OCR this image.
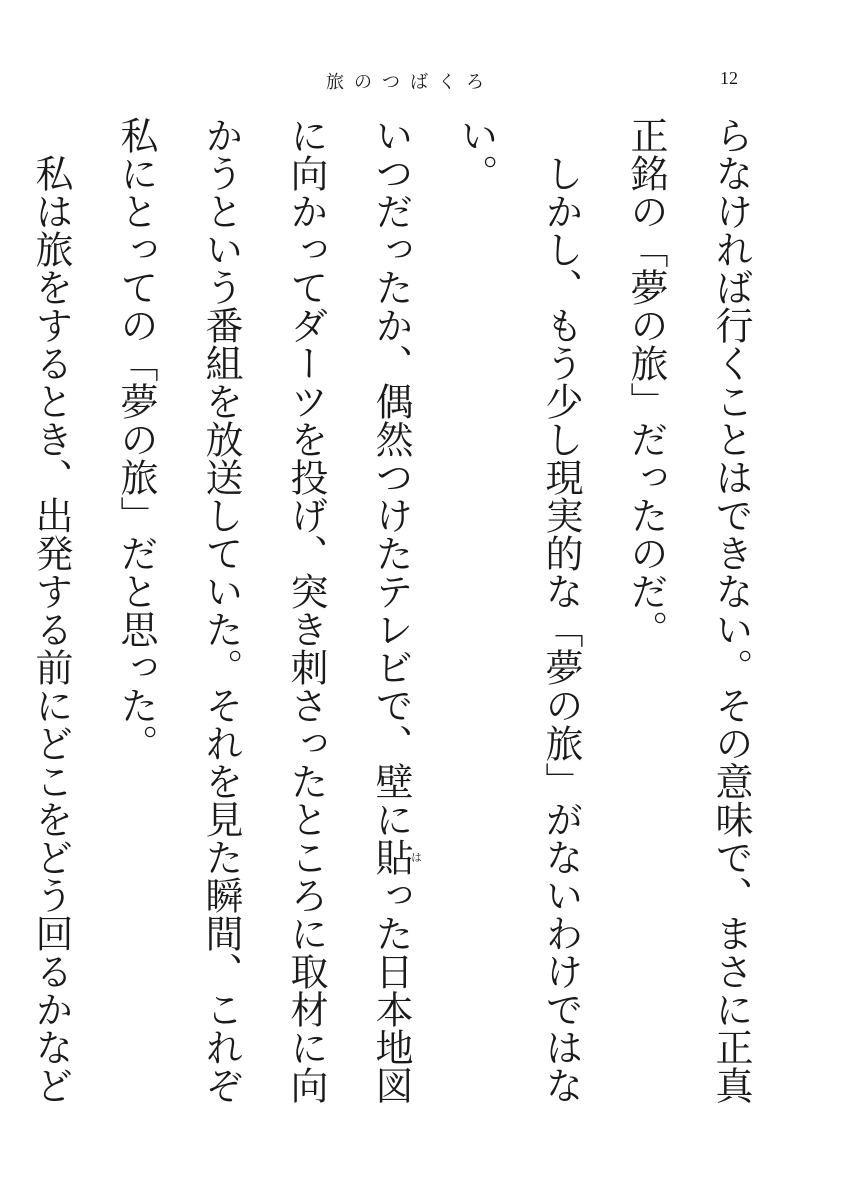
旅のつばくろ	12

らなければ行くことはできない。その意味で、まさに正真正銘の「夢の旅」だったのだ。

しかし、もう少し現実的な「夢の旅」がないわけではない。

いつだったか、偶然つけたテレビで、壁に貼はった日本地図に向かってダーツを投げ、突き刺さったところに取材に向かうという番組を放送していた。それを見た瞬間、これぞ私にとっての「夢の旅」だと思った。

私は旅をするとき、出発する前にどこをどう回るかなど
